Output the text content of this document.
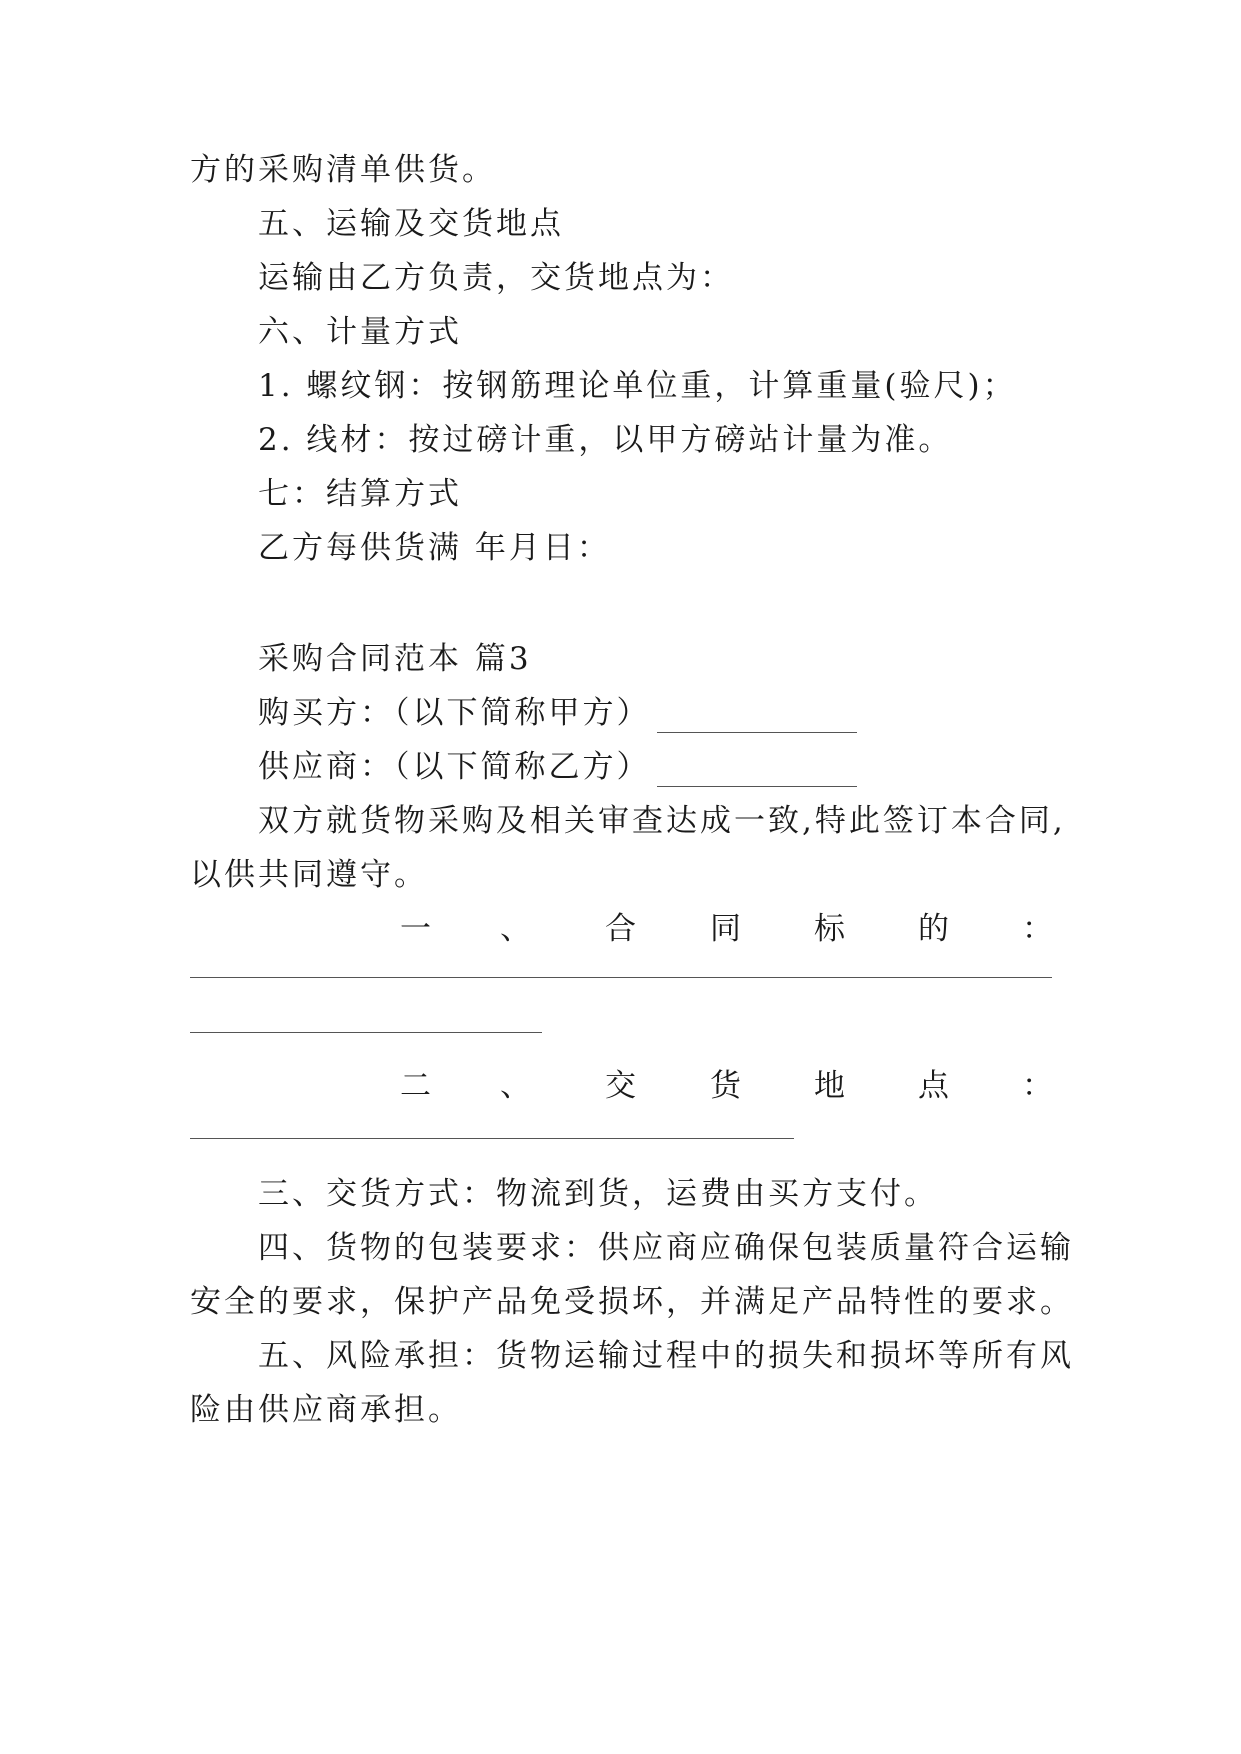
方的采购清单供货。
五、运输及交货地点
运输由乙方负责，交货地点为：
六、计量方式
1. 螺纹钢：按钢筋理论单位重，计算重量(验尺)；
2. 线材：按过磅计重，以甲方磅站计量为准。
七：结算方式
乙方每供货满 年月日：
采购合同范本 篇3
购买方：（以下简称甲方）
供应商：（以下简称乙方）
双方就货物采购及相关审查达成一致,特此签订本合同,
以供共同遵守。
一 、 合 同 标 的 ：
二 、 交 货 地 点 ：
三、交货方式：物流到货，运费由买方支付。
四、货物的包装要求：供应商应确保包装质量符合运输
安全的要求，保护产品免受损坏，并满足产品特性的要求。
五、风险承担：货物运输过程中的损失和损坏等所有风
险由供应商承担。
